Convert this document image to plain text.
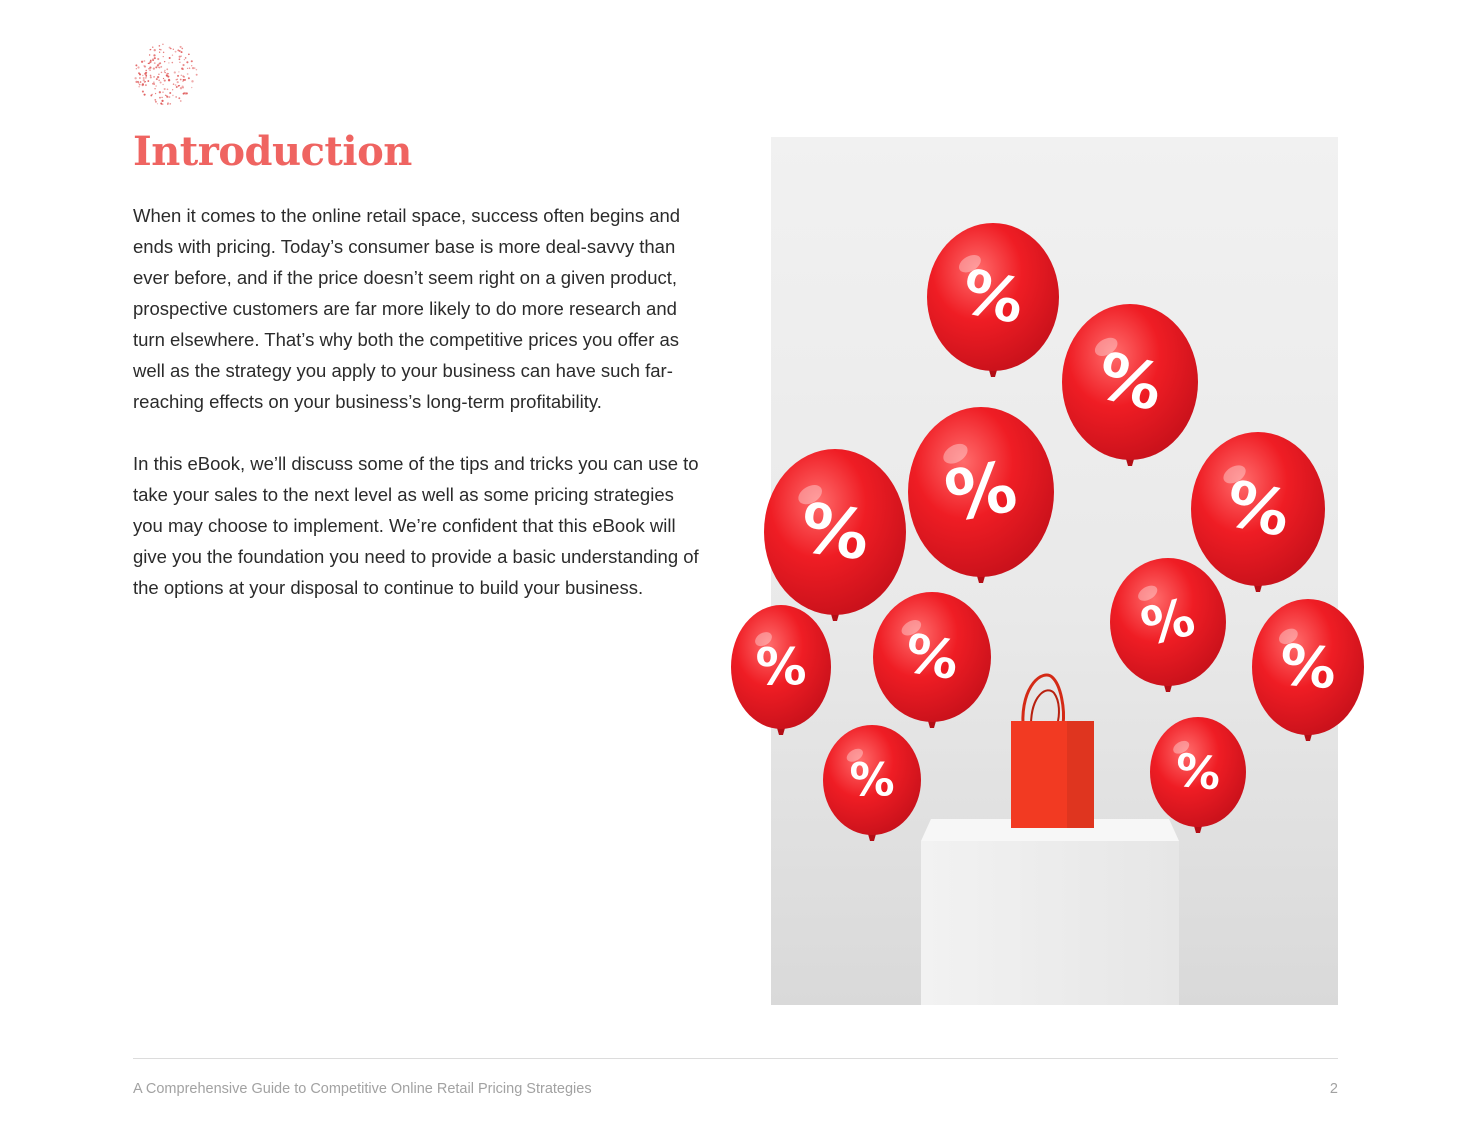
Introduction

When it comes to the online retail space, success often begins and ends with pricing. Today’s consumer base is more deal-savvy than ever before, and if the price doesn’t seem right on a given product, prospective customers are far more likely to do more research and turn elsewhere. That’s why both the competitive prices you offer as well as the strategy you apply to your business can have such far-reaching effects on your business’s long-term profitability.

In this eBook, we’ll discuss some of the tips and tricks you can use to take your sales to the next level as well as some pricing strategies you may choose to implement. We’re confident that this eBook will give you the foundation you need to provide a basic understanding of the options at your disposal to continue to build your business.

%
%
%
%	%
%	%
%	%
%	%
A Comprehensive Guide to Competitive Online Retail Pricing Strategies	2
